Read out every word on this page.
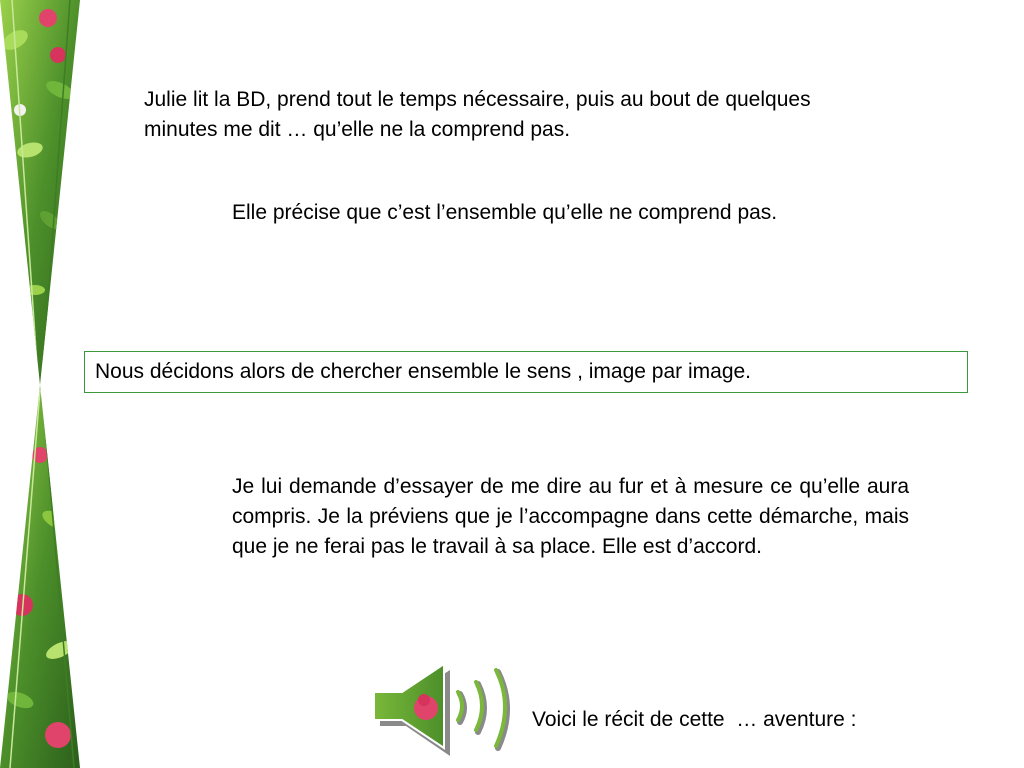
Julie lit la BD, prend tout le temps nécessaire, puis au bout de quelques minutes me dit … qu’elle ne la comprend pas.
Elle précise que c’est l’ensemble qu’elle ne comprend pas.
Nous décidons alors de chercher ensemble le sens , image par image.
Je lui demande d’essayer de me dire au fur et à mesure ce qu’elle aura compris. Je la préviens que je l’accompagne dans cette démarche, mais que je ne ferai pas le travail à sa place. Elle est d’accord.
Voici le récit de cette  … aventure :
